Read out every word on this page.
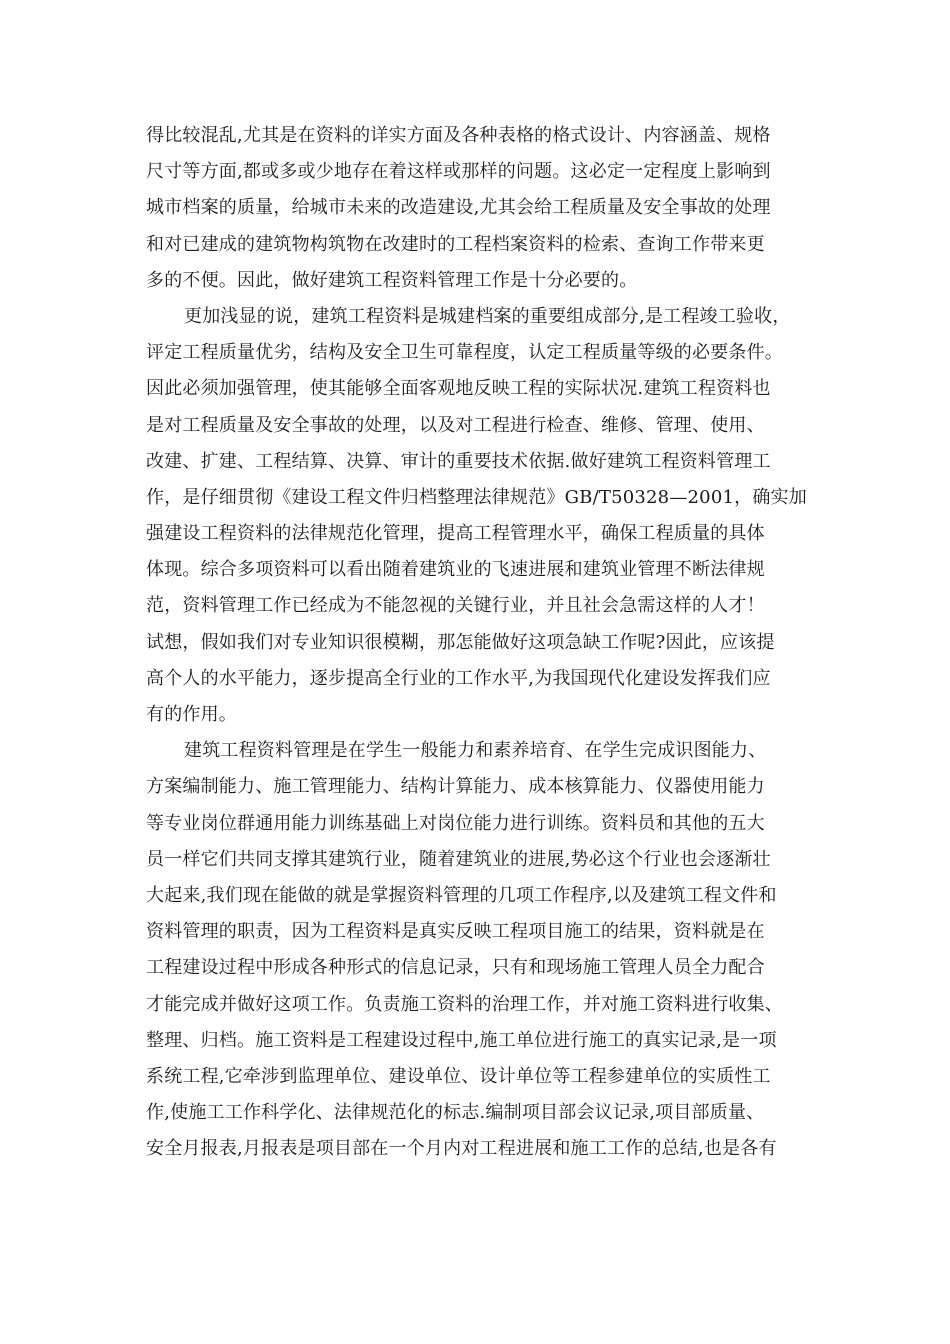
得比较混乱,尤其是在资料的详实方面及各种表格的格式设计、内容涵盖、规格
尺寸等方面,都或多或少地存在着这样或那样的问题。这必定一定程度上影响到
城市档案的质量，给城市未来的改造建设,尤其会给工程质量及安全事故的处理
和对已建成的建筑物构筑物在改建时的工程档案资料的检索、查询工作带来更
多的不便。因此，做好建筑工程资料管理工作是十分必要的。
更加浅显的说，建筑工程资料是城建档案的重要组成部分,是工程竣工验收，
评定工程质量优劣，结构及安全卫生可靠程度，认定工程质量等级的必要条件。
因此必须加强管理，使其能够全面客观地反映工程的实际状况.建筑工程资料也
是对工程质量及安全事故的处理，以及对工程进行检查、维修、管理、使用、
改建、扩建、工程结算、决算、审计的重要技术依据.做好建筑工程资料管理工
作，是仔细贯彻《建设工程文件归档整理法律规范》GB/T50328—2001，确实加
强建设工程资料的法律规范化管理，提高工程管理水平，确保工程质量的具体
体现。综合多项资料可以看出随着建筑业的飞速进展和建筑业管理不断法律规
范，资料管理工作已经成为不能忽视的关键行业，并且社会急需这样的人才！
试想，假如我们对专业知识很模糊，那怎能做好这项急缺工作呢?因此，应该提
高个人的水平能力，逐步提高全行业的工作水平,为我国现代化建设发挥我们应
有的作用。
建筑工程资料管理是在学生一般能力和素养培育、在学生完成识图能力、
方案编制能力、施工管理能力、结构计算能力、成本核算能力、仪器使用能力
等专业岗位群通用能力训练基础上对岗位能力进行训练。资料员和其他的五大
员一样它们共同支撑其建筑行业，随着建筑业的进展,势必这个行业也会逐渐壮
大起来,我们现在能做的就是掌握资料管理的几项工作程序,以及建筑工程文件和
资料管理的职责，因为工程资料是真实反映工程项目施工的结果，资料就是在
工程建设过程中形成各种形式的信息记录，只有和现场施工管理人员全力配合
才能完成并做好这项工作。负责施工资料的治理工作，并对施工资料进行收集、
整理、归档。施工资料是工程建设过程中,施工单位进行施工的真实记录,是一项
系统工程,它牵涉到监理单位、建设单位、设计单位等工程参建单位的实质性工
作,使施工工作科学化、法律规范化的标志.编制项目部会议记录,项目部质量、
安全月报表,月报表是项目部在一个月内对工程进展和施工工作的总结,也是各有
